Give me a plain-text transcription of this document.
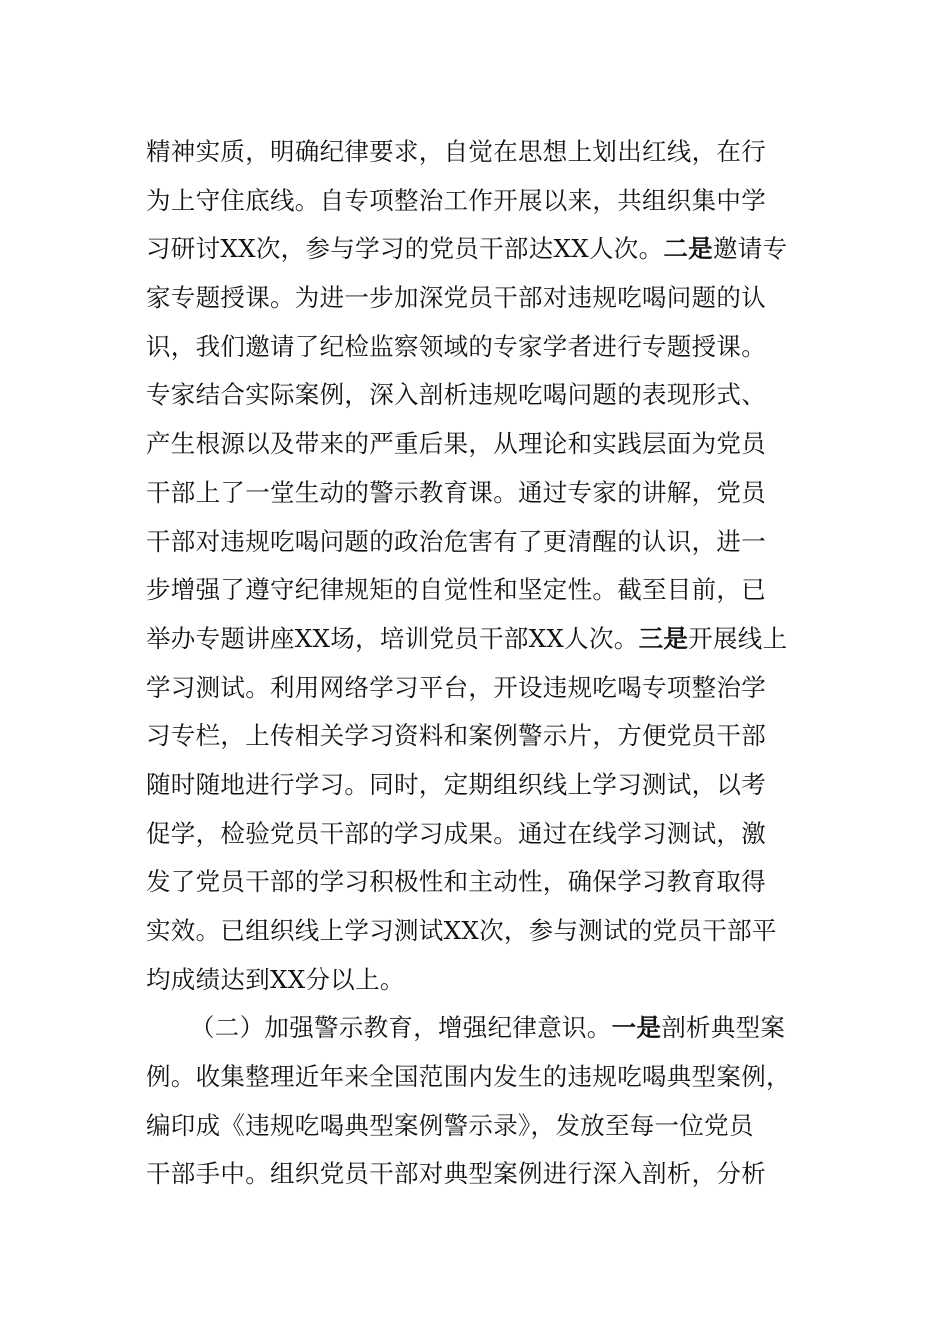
精神实质，明确纪律要求，自觉在思想上划出红线，在行
为上守住底线。自专项整治工作开展以来，共组织集中学
习研讨XX次，参与学习的党员干部达XX人次。二是邀请专
家专题授课。为进一步加深党员干部对违规吃喝问题的认
识，我们邀请了纪检监察领域的专家学者进行专题授课。
专家结合实际案例，深入剖析违规吃喝问题的表现形式、
产生根源以及带来的严重后果，从理论和实践层面为党员
干部上了一堂生动的警示教育课。通过专家的讲解，党员
干部对违规吃喝问题的政治危害有了更清醒的认识，进一
步增强了遵守纪律规矩的自觉性和坚定性。截至目前，已
举办专题讲座XX场，培训党员干部XX人次。三是开展线上
学习测试。利用网络学习平台，开设违规吃喝专项整治学
习专栏，上传相关学习资料和案例警示片，方便党员干部
随时随地进行学习。同时，定期组织线上学习测试，以考
促学，检验党员干部的学习成果。通过在线学习测试，激
发了党员干部的学习积极性和主动性，确保学习教育取得
实效。已组织线上学习测试XX次，参与测试的党员干部平
均成绩达到XX分以上。
（二）加强警示教育，增强纪律意识。一是剖析典型案
例。收集整理近年来全国范围内发生的违规吃喝典型案例，
编印成《违规吃喝典型案例警示录》，发放至每一位党员
干部手中。组织党员干部对典型案例进行深入剖析，分析
